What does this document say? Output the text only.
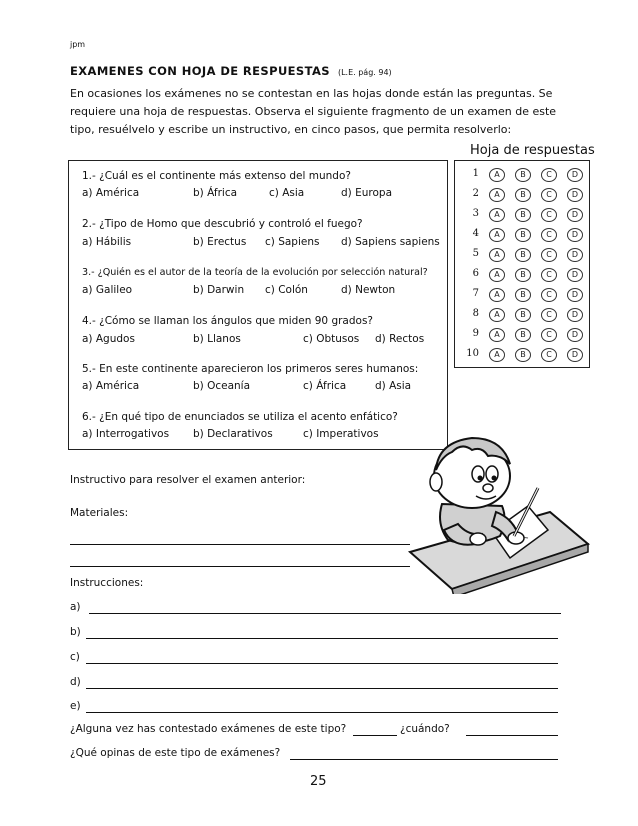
jpm
EXAMENES CON HOJA DE RESPUESTAS (L.E. pág. 94)
En ocasiones los exámenes no se contestan en las hojas donde están las preguntas. Se requiere una hoja de respuestas. Observa el siguiente fragmento de un examen de este tipo, resuélvelo y escribe un instructivo, en cinco pasos, que permita resolverlo:
Hoja de respuestas
1.- ¿Cuál es el continente más extenso del mundo?
a) América	b) África	c) Asia	d) Europa
2.- ¿Tipo de Homo que descubrió y controló el fuego?
a) Hábilis	b) Erectus c) Sapiens d) Sapiens sapiens
3.- ¿Quién es el autor de la teoría de la evolución por selección natural?
a) Galileo	b) Darwin c) Colón	d) Newton
4.- ¿Cómo se llaman los ángulos que miden 90 grados?
a) Agudos	b) Llanos	c) Obtusos d) Rectos
5.- En este continente aparecieron los primeros seres humanos:
a) América	b) Oceanía	c) África	d) Asia
6.- ¿En qué tipo de enunciados se utiliza el acento enfático?
a) Interrogativos b) Declarativos	c) Imperativos
1	A	B	C	D
2	A	B	C	D
3	A	B	C	D
4	A	B	C	D
5	A	B	C	D
6	A	B	C	D
7	A	B	C	D
8	A	B	C	D
9	A	B	C	D
10	A	B	C	D
Instructivo para resolver el examen anterior:
Materiales:
Instrucciones:
a)
b)
c)
d)
e)
¿Alguna vez has contestado exámenes de este tipo?	¿cuándo?
¿Qué opinas de este tipo de exámenes?
25
